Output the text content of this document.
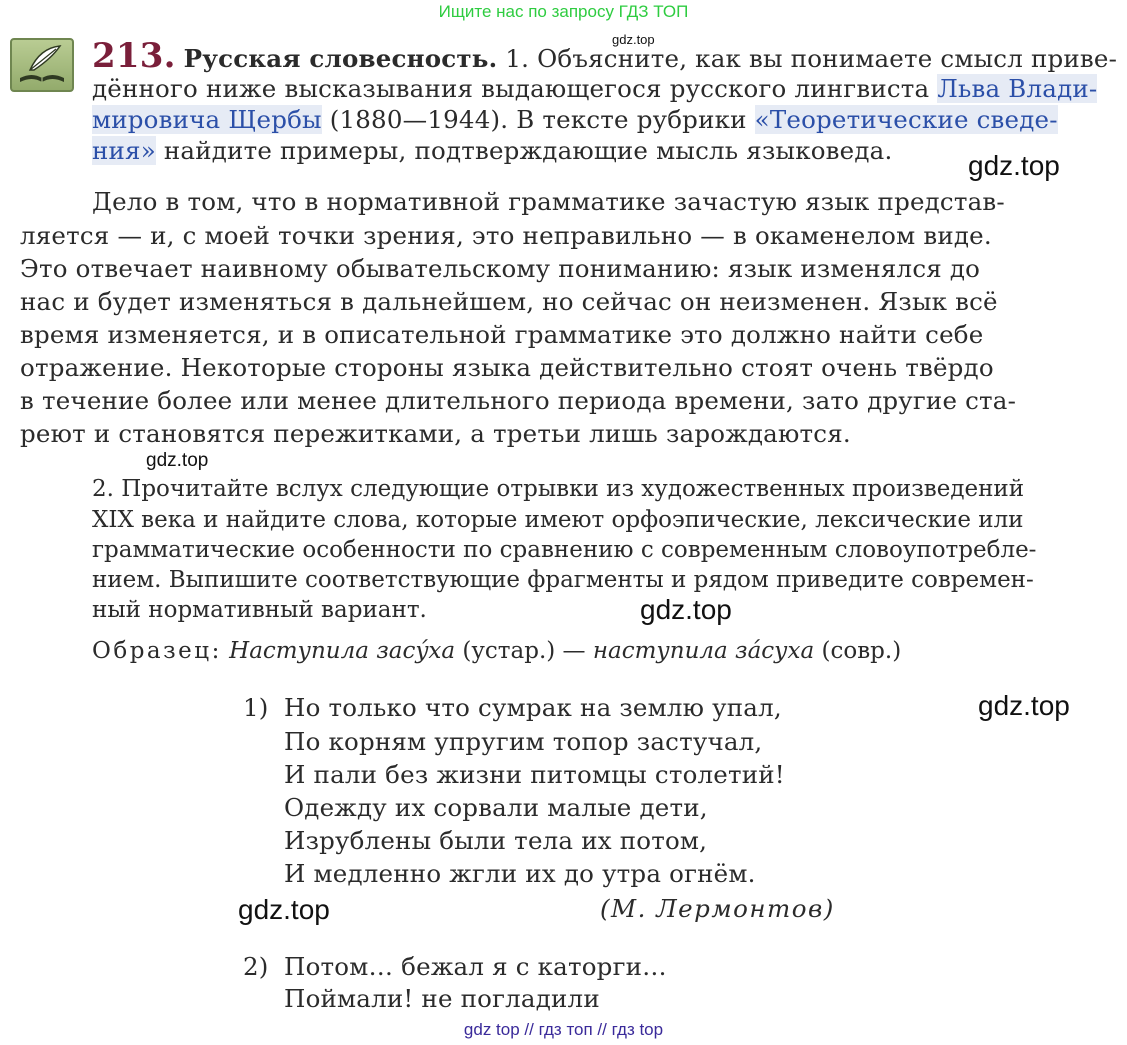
Ищите нас по запросу ГДЗ ТОП
gdz.top
213. Русская словесность. 1. Объясните, как вы понимаете смысл приве-
дённого ниже высказывания выдающегося русского лингвиста Льва Влади-
мировича Щербы (1880—1944). В тексте рубрики «Теоретические сведе-
ния» найдите примеры, подтверждающие мысль языковеда.	gdz.top
Дело в том, что в нормативной грамматике зачастую язык представ-
ляется — и, с моей точки зрения, это неправильно — в окаменелом виде.
Это отвечает наивному обывательскому пониманию: язык изменялся до
нас и будет изменяться в дальнейшем, но сейчас он неизменен. Язык всё
время изменяется, и в описательной грамматике это должно найти себе
отражение. Некоторые стороны языка действительно стоят очень твёрдо
в течение более или менее длительного периода времени, зато другие ста-
реют и становятся пережитками, а третьи лишь зарождаются.
gdz.top
2. Прочитайте вслух следующие отрывки из художественных произведений
XIX века и найдите слова, которые имеют орфоэпические, лексические или
грамматические особенности по сравнению с современным словоупотребле-
нием. Выпишите соответствующие фрагменты и рядом приведите современ-
ный нормативный вариант.	gdz.top
Образец: Наступила засýха (устар.) — наступила зáсуха (совр.)
1) Но только что сумрак на землю упал,
По корням упругим топор застучал,
И пали без жизни питомцы столетий!
Одежду их сорвали малые дети,
Изрублены были тела их потом,
И медленно жгли их до утра огнём.
(М. Лермонтов)
gdz.top
gdz.top
2) Потом… бежал я с каторги…
Поймали! не погладили
gdz top // гдз топ // гдз top
